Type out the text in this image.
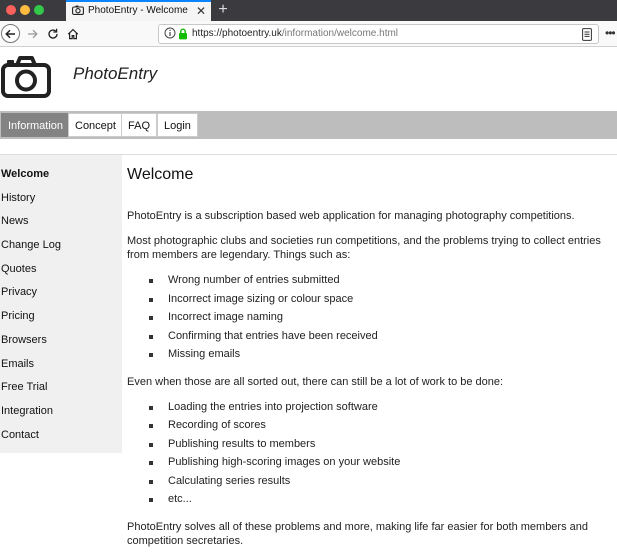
PhotoEntry - Welcome ✕ +
https://photoentry.uk/information/welcome.html	•••
PhotoEntry
Information	Concept	FAQ	Login
Welcome
History
News
Change Log
Quotes
Privacy
Pricing
Browsers
Emails
Free Trial
Integration
Contact
Welcome

PhotoEntry is a subscription based web application for managing photography competitions.

Most photographic clubs and societies run competitions, and the problems trying to collect entries from members are legendary. Things such as:

Wrong number of entries submitted
Incorrect image sizing or colour space
Incorrect image naming
Confirming that entries have been received
Missing emails

Even when those are all sorted out, there can still be a lot of work to be done:

Loading the entries into projection software
Recording of scores
Publishing results to members
Publishing high-scoring images on your website
Calculating series results
etc...

PhotoEntry solves all of these problems and more, making life far easier for both members and competition secretaries.
